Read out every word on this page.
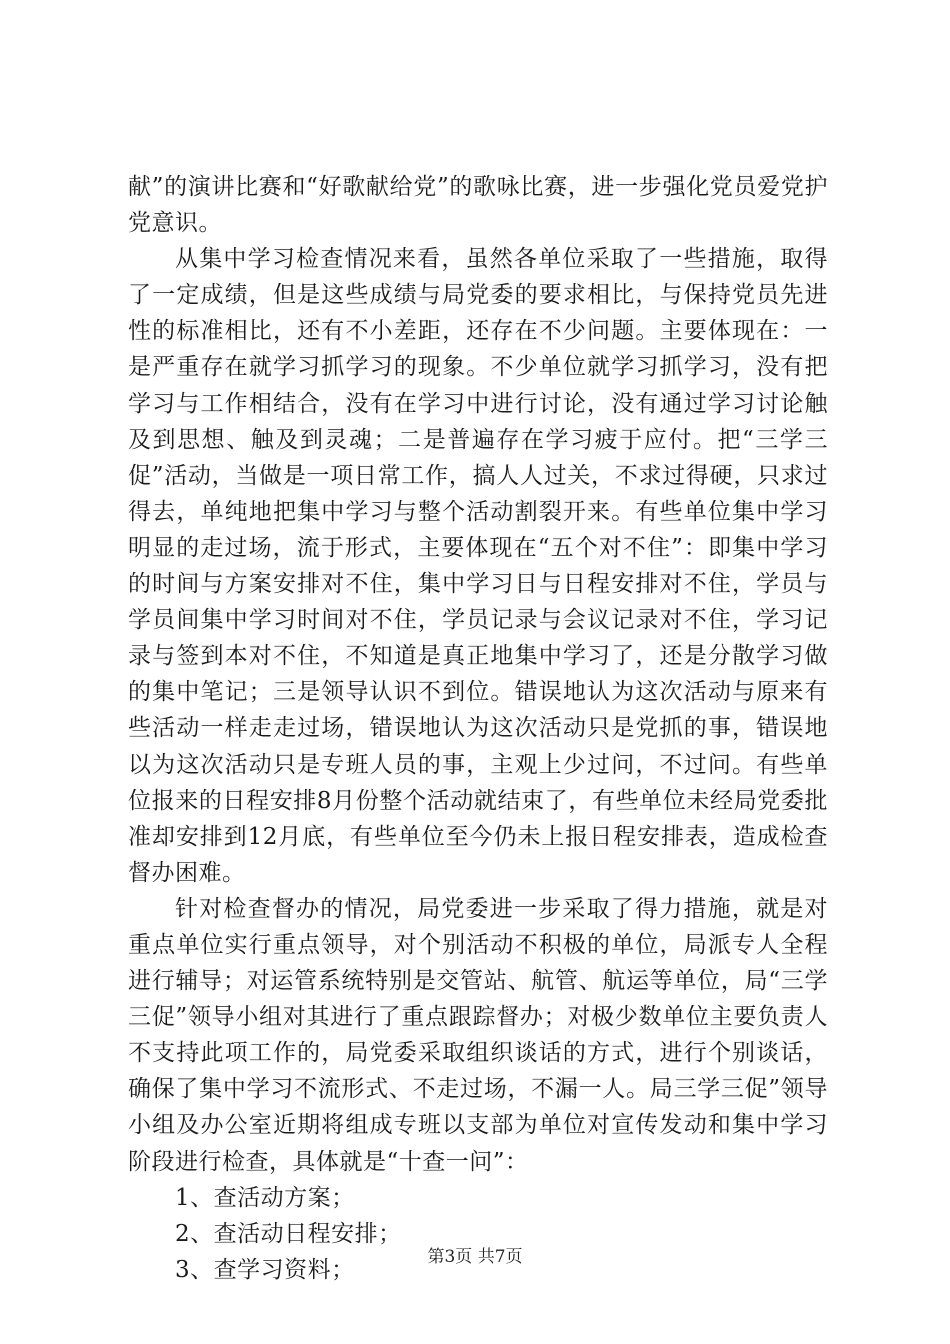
献”的演讲比赛和“好歌献给党”的歌咏比赛，进一步强化党员爱党护党意识。

从集中学习检查情况来看，虽然各单位采取了一些措施，取得了一定成绩，但是这些成绩与局党委的要求相比，与保持党员先进性的标准相比，还有不小差距，还存在不少问题。主要体现在：一是严重存在就学习抓学习的现象。不少单位就学习抓学习，没有把学习与工作相结合，没有在学习中进行讨论，没有通过学习讨论触及到思想、触及到灵魂；二是普遍存在学习疲于应付。把“三学三促”活动，当做是一项日常工作，搞人人过关，不求过得硬，只求过得去，单纯地把集中学习与整个活动割裂开来。有些单位集中学习明显的走过场，流于形式，主要体现在“五个对不住”：即集中学习的时间与方案安排对不住，集中学习日与日程安排对不住，学员与学员间集中学习时间对不住，学员记录与会议记录对不住，学习记录与签到本对不住，不知道是真正地集中学习了，还是分散学习做的集中笔记；三是领导认识不到位。错误地认为这次活动与原来有些活动一样走走过场，错误地认为这次活动只是党抓的事，错误地以为这次活动只是专班人员的事，主观上少过问，不过问。有些单位报来的日程安排8月份整个活动就结束了，有些单位未经局党委批准却安排到12月底，有些单位至今仍未上报日程安排表，造成检查督办困难。

针对检查督办的情况，局党委进一步采取了得力措施，就是对重点单位实行重点领导，对个别活动不积极的单位，局派专人全程进行辅导；对运管系统特别是交管站、航管、航运等单位，局“三学三促”领导小组对其进行了重点跟踪督办；对极少数单位主要负责人不支持此项工作的，局党委采取组织谈话的方式，进行个别谈话，确保了集中学习不流形式、不走过场，不漏一人。局三学三促”领导小组及办公室近期将组成专班以支部为单位对宣传发动和集中学习阶段进行检查，具体就是“十查一问”：

1、查活动方案；

2、查活动日程安排；

3、查学习资料；	第3页 共7页
